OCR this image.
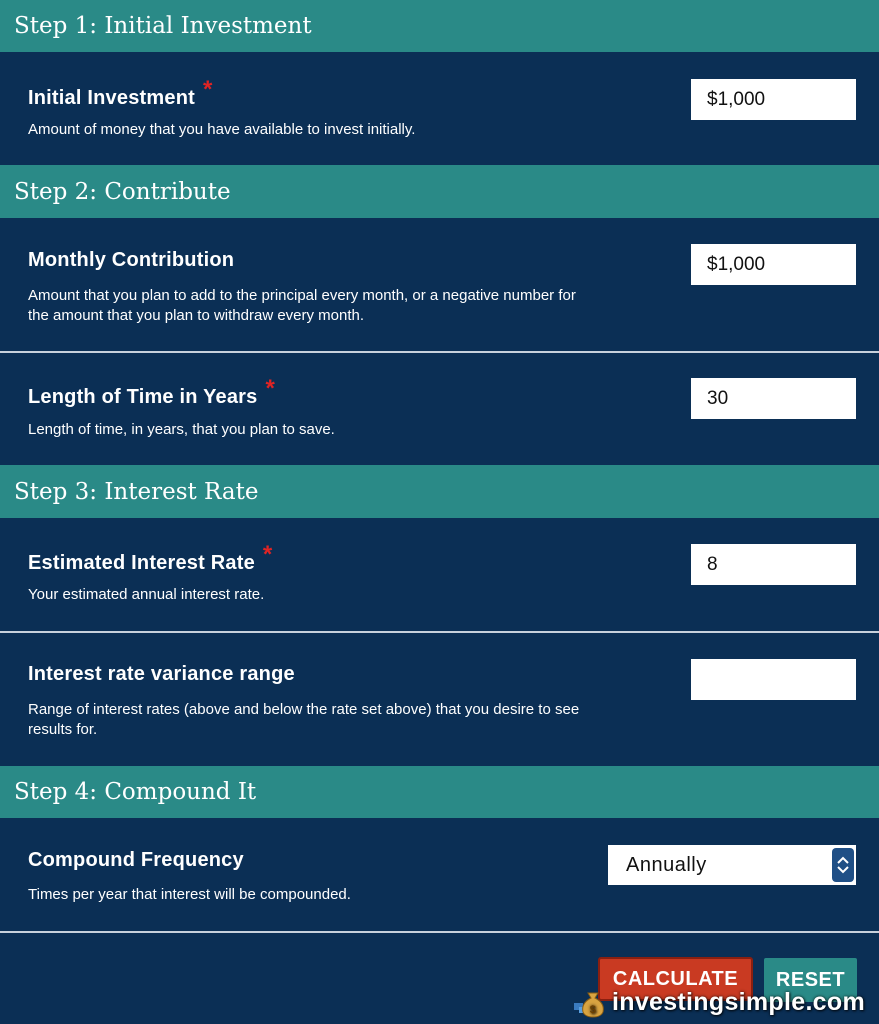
Step 1: Initial Investment
Initial Investment *
Amount of money that you have available to invest initially.
$1,000
Step 2: Contribute
Monthly Contribution
Amount that you plan to add to the principal every month, or a negative number for the amount that you plan to withdraw every month.
$1,000
Length of Time in Years *
Length of time, in years, that you plan to save.
30
Step 3: Interest Rate
Estimated Interest Rate *
Your estimated annual interest rate.
8
Interest rate variance range
Range of interest rates (above and below the rate set above) that you desire to see results for.
Step 4: Compound It
Compound Frequency
Times per year that interest will be compounded.
Annually
CALCULATE	RESET
$ investingsimple.com
